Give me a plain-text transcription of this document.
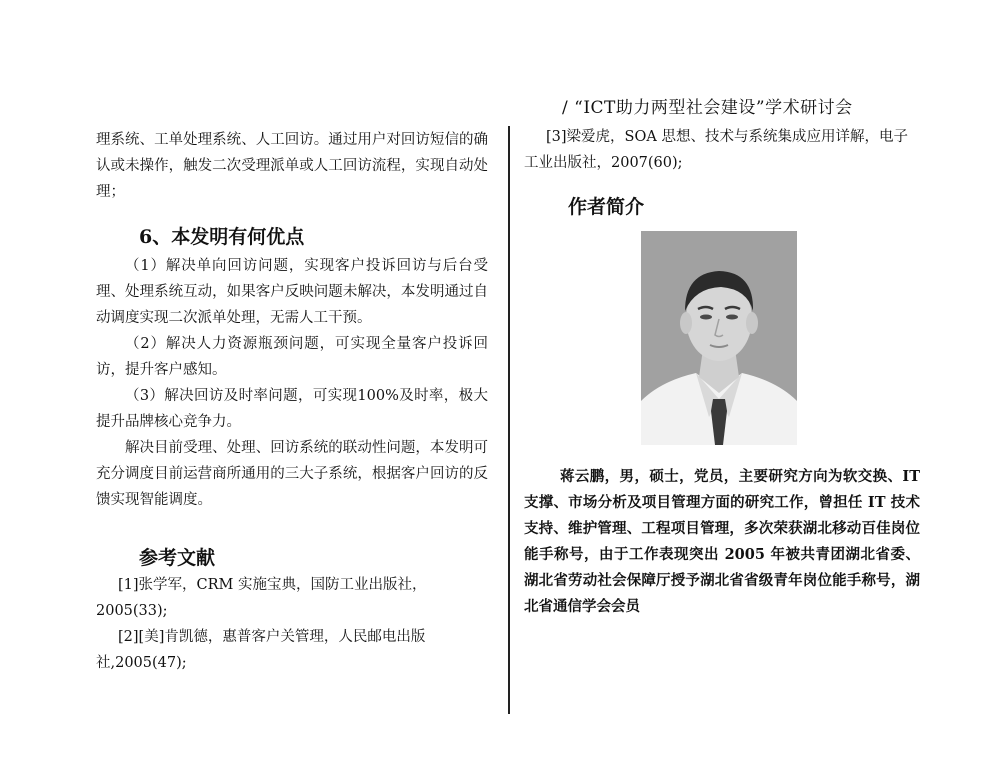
/ “ICT助力两型社会建设”学术研讨会

理系统、工单处理系统、人工回访。通过用户对回访短信的确认或未操作，触发二次受理派单或人工回访流程，实现自动处理；

6、本发明有何优点

（1）解决单向回访问题，实现客户投诉回访与后台受理、处理系统互动，如果客户反映问题未解决，本发明通过自动调度实现二次派单处理，无需人工干预。

（2）解决人力资源瓶颈问题，可实现全量客户投诉回访，提升客户感知。

（3）解决回访及时率问题，可实现100%及时率，极大提升品牌核心竞争力。

解决目前受理、处理、回访系统的联动性问题，本发明可充分调度目前运营商所通用的三大子系统，根据客户回访的反馈实现智能调度。

参考文献

[1]张学军，CRM 实施宝典，国防工业出版社，2005(33);

[2][美]肯凯德，惠普客户关管理，人民邮电出版社,2005(47);

[3]梁爱虎，SOA 思想、技术与系统集成应用详解，电子工业出版社，2007(60);

作者简介

蒋云鹏，男，硕士，党员，主要研究方向为软交换、IT 支撑、市场分析及项目管理方面的研究工作，曾担任 IT 技术支持、维护管理、工程项目管理，多次荣获湖北移动百佳岗位能手称号，由于工作表现突出 2005 年被共青团湖北省委、湖北省劳动社会保障厅授予湖北省省级青年岗位能手称号，湖北省通信学会会员
